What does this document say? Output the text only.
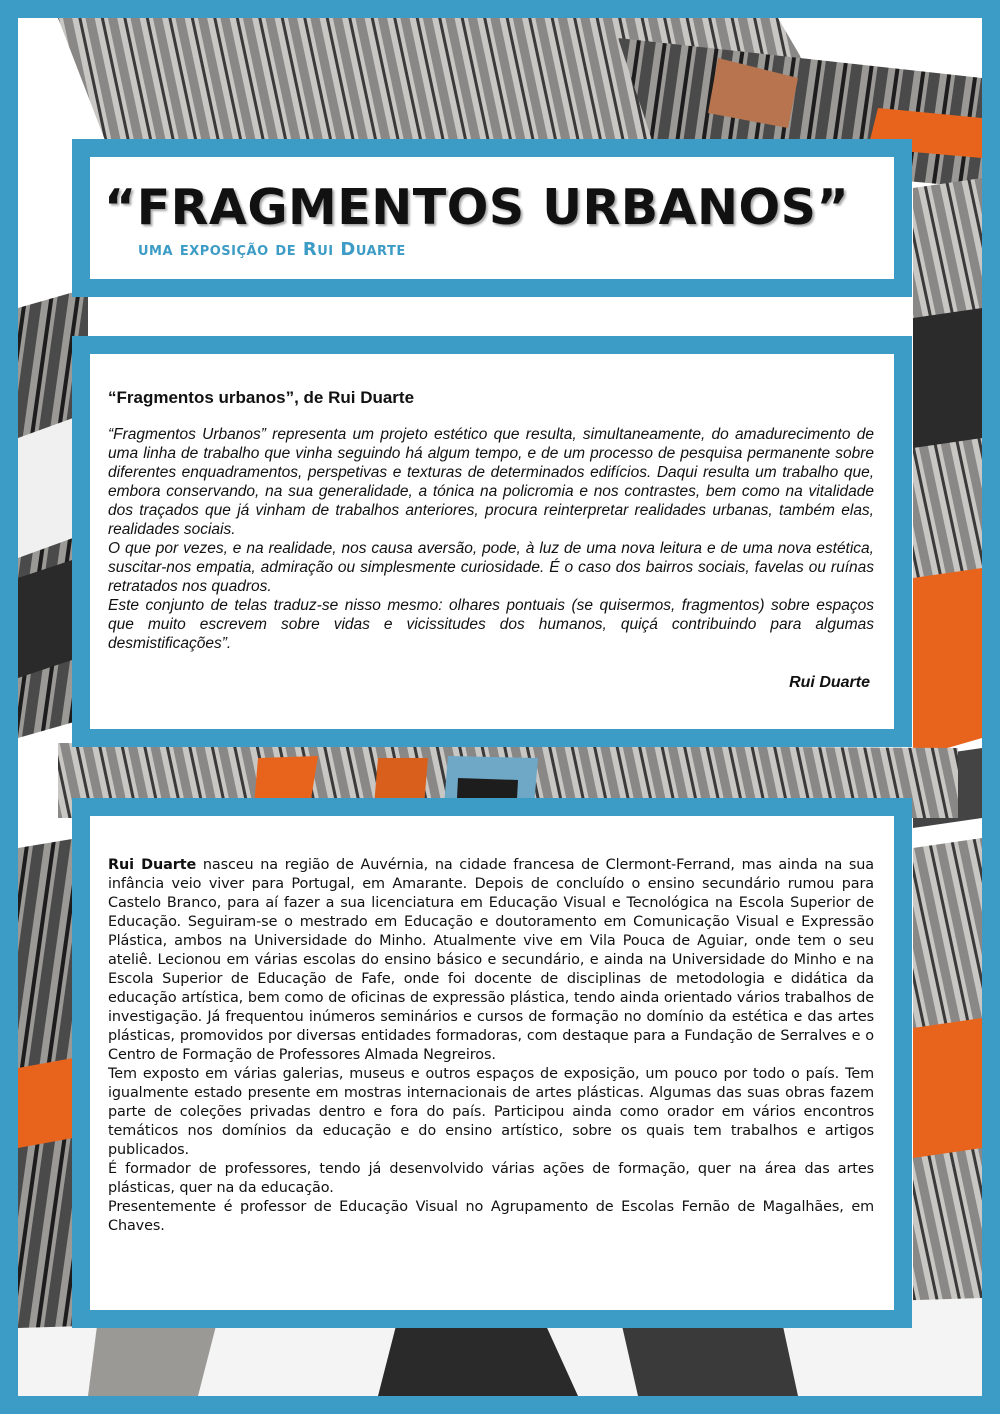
“FRAGMENTOS URBANOS”
uma exposição de Rui Duarte
“Fragmentos urbanos”, de Rui Duarte

“Fragmentos Urbanos” representa um projeto estético que resulta, simultaneamente, do amadurecimento de uma linha de trabalho que vinha seguindo há algum tempo, e de um processo de pesquisa permanente sobre diferentes enquadramentos, perspetivas e texturas de determinados edifícios. Daqui resulta um trabalho que, embora conservando, na sua generalidade, a tónica na policromia e nos contrastes, bem como na vitalidade dos traçados que já vinham de trabalhos anteriores, procura reinterpretar realidades urbanas, também elas, realidades sociais.

O que por vezes, e na realidade, nos causa aversão, pode, à luz de uma nova leitura e de uma nova estética, suscitar-nos empatia, admiração ou simplesmente curiosidade. É o caso dos bairros sociais, favelas ou ruínas retratados nos quadros.

Este conjunto de telas traduz-se nisso mesmo: olhares pontuais (se quisermos, fragmentos) sobre espaços que muito escrevem sobre vidas e vicissitudes dos humanos, quiçá contribuindo para algumas desmistificações”.

Rui Duarte

Rui Duarte nasceu na região de Auvérnia, na cidade francesa de Clermont-Ferrand, mas ainda na sua infância veio viver para Portugal, em Amarante. Depois de concluído o ensino secundário rumou para Castelo Branco, para aí fazer a sua licenciatura em Educação Visual e Tecnológica na Escola Superior de Educação. Seguiram-se o mestrado em Educação e doutoramento em Comunicação Visual e Expressão Plástica, ambos na Universidade do Minho. Atualmente vive em Vila Pouca de Aguiar, onde tem o seu ateliê. Lecionou em várias escolas do ensino básico e secundário, e ainda na Universidade do Minho e na Escola Superior de Educação de Fafe, onde foi docente de disciplinas de metodologia e didática da educação artística, bem como de oficinas de expressão plástica, tendo ainda orientado vários trabalhos de investigação. Já frequentou inúmeros seminários e cursos de formação no domínio da estética e das artes plásticas, promovidos por diversas entidades formadoras, com destaque para a Fundação de Serralves e o Centro de Formação de Professores Almada Negreiros.

Tem exposto em várias galerias, museus e outros espaços de exposição, um pouco por todo o país. Tem igualmente estado presente em mostras internacionais de artes plásticas. Algumas das suas obras fazem parte de coleções privadas dentro e fora do país. Participou ainda como orador em vários encontros temáticos nos domínios da educação e do ensino artístico, sobre os quais tem trabalhos e artigos publicados.

É formador de professores, tendo já desenvolvido várias ações de formação, quer na área das artes plásticas, quer na da educação.

Presentemente é professor de Educação Visual no Agrupamento de Escolas Fernão de Magalhães, em Chaves.
